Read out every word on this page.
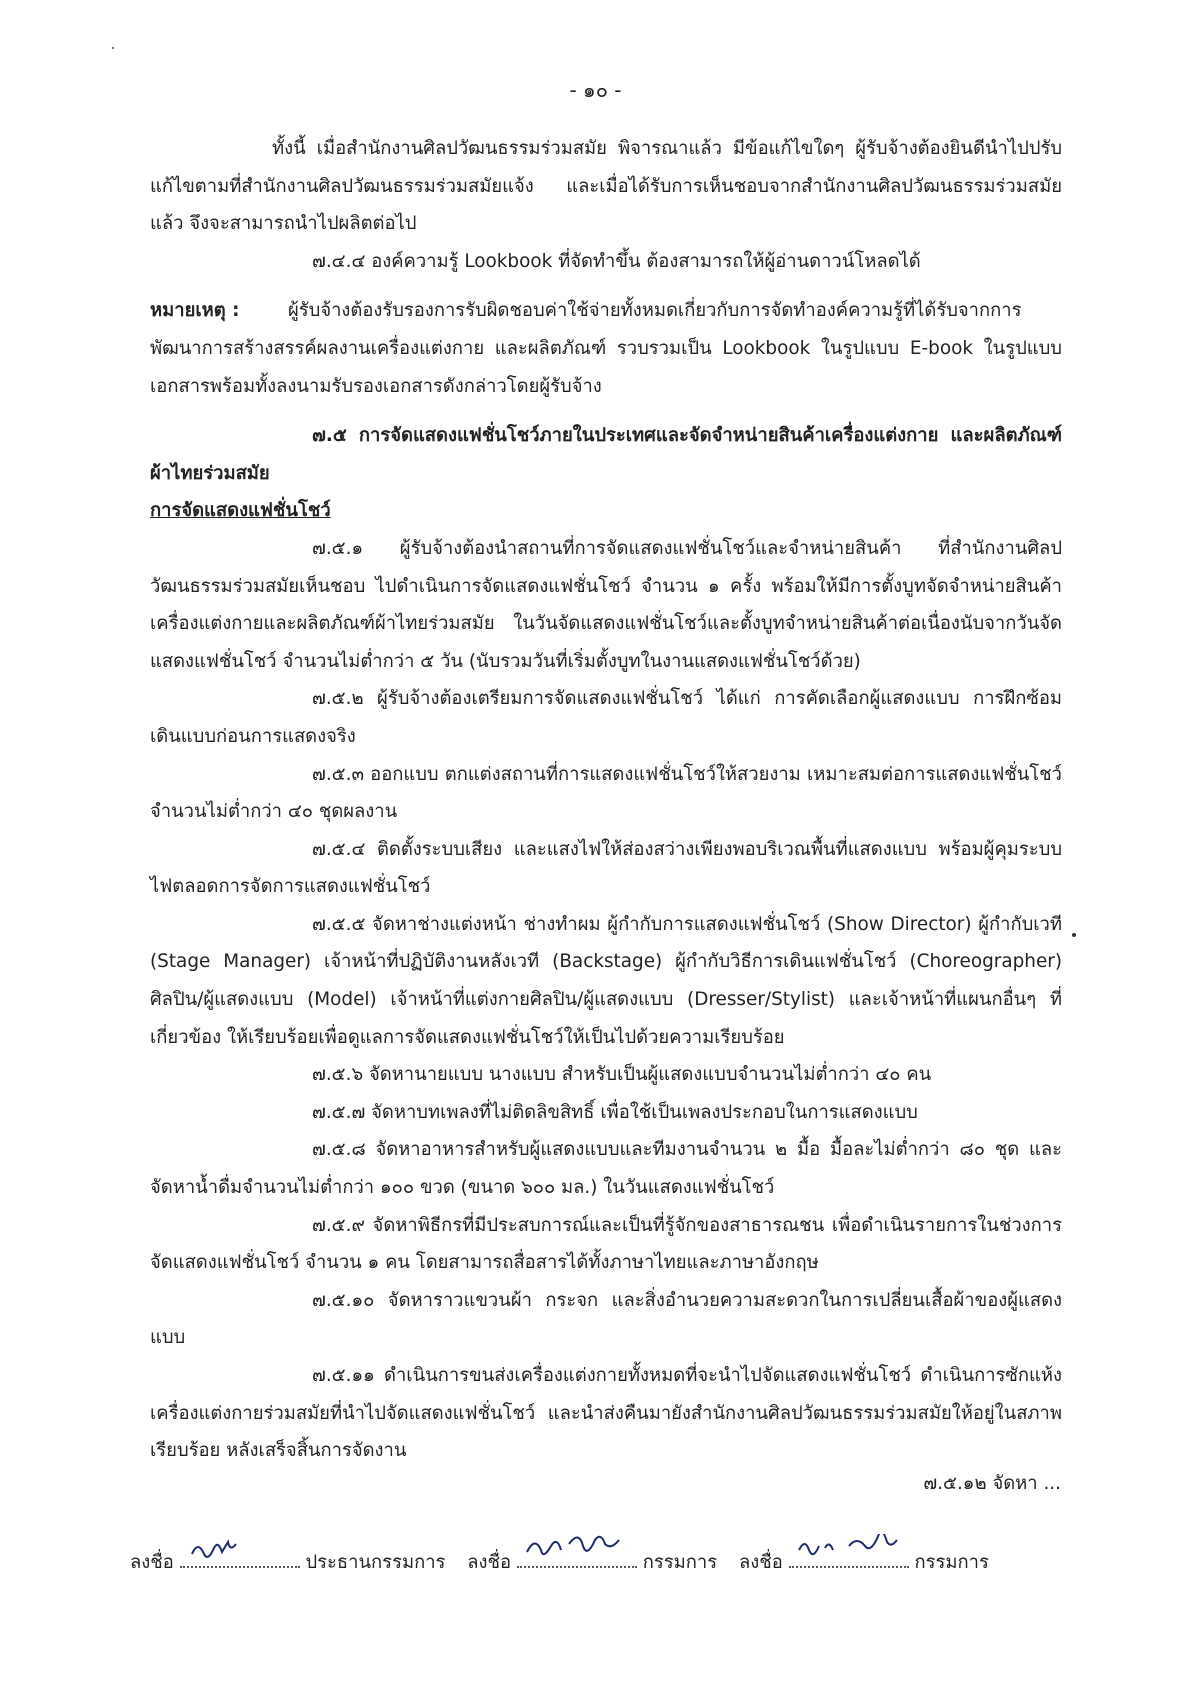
- ๑๐ -

ทั้งนี้ เมื่อสำนักงานศิลปวัฒนธรรมร่วมสมัย พิจารณาแล้ว มีข้อแก้ไขใดๆ ผู้รับจ้างต้องยินดีนำไปปรับแก้ไขตามที่สำนักงานศิลปวัฒนธรรมร่วมสมัยแจ้ง และเมื่อได้รับการเห็นชอบจากสำนักงานศิลปวัฒนธรรมร่วมสมัยแล้ว จึงจะสามารถนำไปผลิตต่อไป

๗.๔.๔ องค์ความรู้ Lookbook ที่จัดทำขึ้น ต้องสามารถให้ผู้อ่านดาวน์โหลดได้

หมายเหตุ :	ผู้รับจ้างต้องรับรองการรับผิดชอบค่าใช้จ่ายทั้งหมดเกี่ยวกับการจัดทำองค์ความรู้ที่ได้รับจากการพัฒนาการสร้างสรรค์ผลงานเครื่องแต่งกาย และผลิตภัณฑ์ รวบรวมเป็น Lookbook ในรูปแบบ E-book ในรูปแบบเอกสารพร้อมทั้งลงนามรับรองเอกสารดังกล่าวโดยผู้รับจ้าง

๗.๕ การจัดแสดงแฟชั่นโชว์ภายในประเทศและจัดจำหน่ายสินค้าเครื่องแต่งกาย และผลิตภัณฑ์ผ้าไทยร่วมสมัย

การจัดแสดงแฟชั่นโชว์

๗.๕.๑ ผู้รับจ้างต้องนำสถานที่การจัดแสดงแฟชั่นโชว์และจำหน่ายสินค้า ที่สำนักงานศิลปวัฒนธรรมร่วมสมัยเห็นชอบ ไปดำเนินการจัดแสดงแฟชั่นโชว์ จำนวน ๑ ครั้ง พร้อมให้มีการตั้งบูทจัดจำหน่ายสินค้า เครื่องแต่งกายและผลิตภัณฑ์ผ้าไทยร่วมสมัย ในวันจัดแสดงแฟชั่นโชว์และตั้งบูทจำหน่ายสินค้าต่อเนื่องนับจากวันจัดแสดงแฟชั่นโชว์ จำนวนไม่ต่ำกว่า ๕ วัน (นับรวมวันที่เริ่มตั้งบูทในงานแสดงแฟชั่นโชว์ด้วย)

๗.๕.๒ ผู้รับจ้างต้องเตรียมการจัดแสดงแฟชั่นโชว์ ได้แก่ การคัดเลือกผู้แสดงแบบ การฝึกซ้อมเดินแบบก่อนการแสดงจริง

๗.๕.๓ ออกแบบ ตกแต่งสถานที่การแสดงแฟชั่นโชว์ให้สวยงาม เหมาะสมต่อการแสดงแฟชั่นโชว์จำนวนไม่ต่ำกว่า ๔๐ ชุดผลงาน

๗.๕.๔ ติดตั้งระบบเสียง และแสงไฟให้ส่องสว่างเพียงพอบริเวณพื้นที่แสดงแบบ พร้อมผู้คุมระบบไฟตลอดการจัดการแสดงแฟชั่นโชว์

๗.๕.๕ จัดหาช่างแต่งหน้า ช่างทำผม ผู้กำกับการแสดงแฟชั่นโชว์ (Show Director) ผู้กำกับเวที (Stage Manager) เจ้าหน้าที่ปฏิบัติงานหลังเวที (Backstage) ผู้กำกับวิธีการเดินแฟชั่นโชว์ (Choreographer) ศิลปิน/ผู้แสดงแบบ (Model) เจ้าหน้าที่แต่งกายศิลปิน/ผู้แสดงแบบ (Dresser/Stylist) และเจ้าหน้าที่แผนกอื่นๆ ที่เกี่ยวข้อง ให้เรียบร้อยเพื่อดูแลการจัดแสดงแฟชั่นโชว์ให้เป็นไปด้วยความเรียบร้อย

๗.๕.๖ จัดหานายแบบ นางแบบ สำหรับเป็นผู้แสดงแบบจำนวนไม่ต่ำกว่า ๔๐ คน

๗.๕.๗ จัดหาบทเพลงที่ไม่ติดลิขสิทธิ์ เพื่อใช้เป็นเพลงประกอบในการแสดงแบบ

๗.๕.๘ จัดหาอาหารสำหรับผู้แสดงแบบและทีมงานจำนวน ๒ มื้อ มื้อละไม่ต่ำกว่า ๘๐ ชุด และจัดหาน้ำดื่มจำนวนไม่ต่ำกว่า ๑๐๐ ขวด (ขนาด ๖๐๐ มล.) ในวันแสดงแฟชั่นโชว์

๗.๕.๙ จัดหาพิธีกรที่มีประสบการณ์และเป็นที่รู้จักของสาธารณชน เพื่อดำเนินรายการในช่วงการจัดแสดงแฟชั่นโชว์ จำนวน ๑ คน โดยสามารถสื่อสารได้ทั้งภาษาไทยและภาษาอังกฤษ

๗.๕.๑๐ จัดหาราวแขวนผ้า กระจก และสิ่งอำนวยความสะดวกในการเปลี่ยนเสื้อผ้าของผู้แสดงแบบ

๗.๕.๑๑ ดำเนินการขนส่งเครื่องแต่งกายทั้งหมดที่จะนำไปจัดแสดงแฟชั่นโชว์ ดำเนินการซักแห้งเครื่องแต่งกายร่วมสมัยที่นำไปจัดแสดงแฟชั่นโชว์ และนำส่งคืนมายังสำนักงานศิลปวัฒนธรรมร่วมสมัยให้อยู่ในสภาพเรียบร้อย หลังเสร็จสิ้นการจัดงาน

๗.๕.๑๒ จัดหา ...
ลงชื่อ	ประธานกรรมการ ลงชื่อ	กรรมการ ลงชื่อ	กรรมการ
